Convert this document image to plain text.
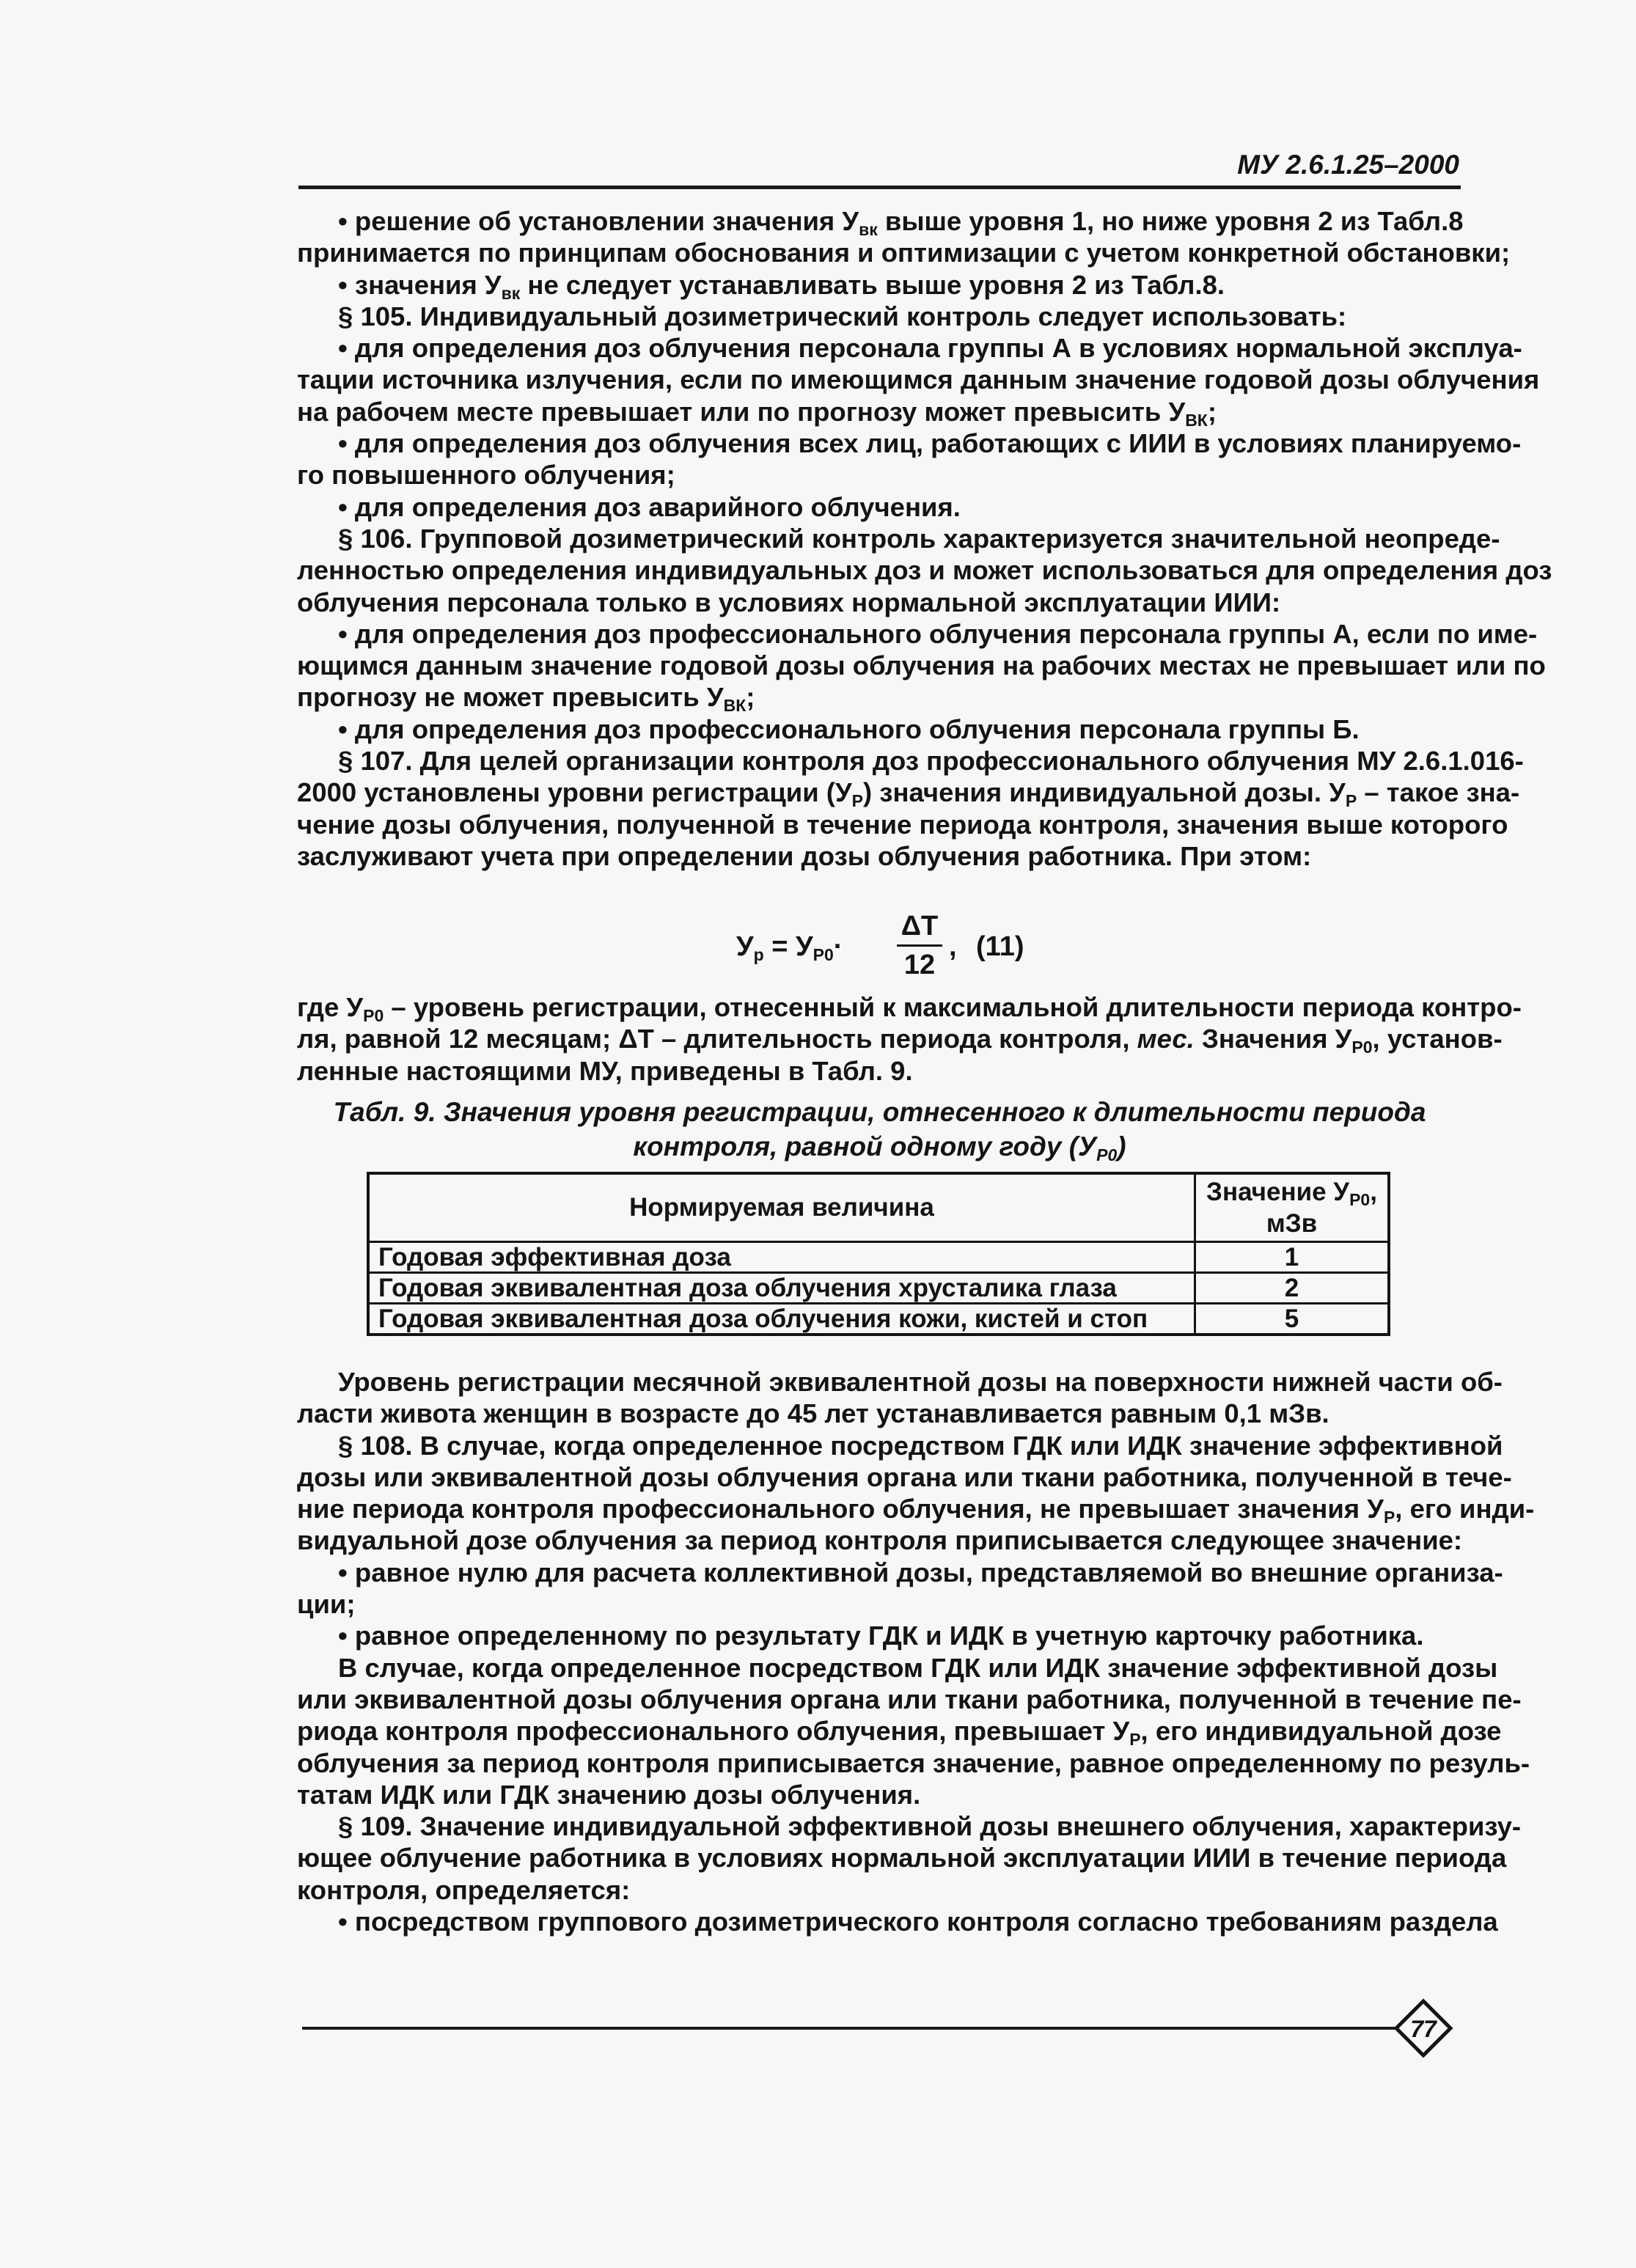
МУ 2.6.1.25–2000
• решение об установлении значения Увк выше уровня 1, но ниже уровня 2 из Табл.8
принимается по принципам обоснования и оптимизации с учетом конкретной обстановки;
• значения Увк не следует устанавливать выше уровня 2 из Табл.8.
§ 105. Индивидуальный дозиметрический контроль следует использовать:
• для определения доз облучения персонала группы А в условиях нормальной эксплуа-
тации источника излучения, если по имеющимся данным значение годовой дозы облучения
на рабочем месте превышает или по прогнозу может превысить УВК;
• для определения доз облучения всех лиц, работающих с ИИИ в условиях планируемо-
го повышенного облучения;
• для определения доз аварийного облучения.
§ 106. Групповой дозиметрический контроль характеризуется значительной неопреде-
ленностью определения индивидуальных доз и может использоваться для определения доз
облучения персонала только в условиях нормальной эксплуатации ИИИ:
• для определения доз профессионального облучения персонала группы А, если по име-
ющимся данным значение годовой дозы облучения на рабочих местах не превышает или по
прогнозу не может превысить УВК;
• для определения доз профессионального облучения персонала группы Б.
§ 107. Для целей организации контроля доз профессионального облучения МУ 2.6.1.016-
2000 установлены уровни регистрации (УР) значения индивидуальной дозы. УР – такое зна-
чение дозы облучения, полученной в течение периода контроля, значения выше которого
заслуживают учета при определении дозы облучения работника. При этом:
Ур = УР0·
ΔТ
12
, (11)
где УР0 – уровень регистрации, отнесенный к максимальной длительности периода контро-
ля, равной 12 месяцам; ΔТ – длительность периода контроля, мес. Значения УР0, установ-
ленные настоящими МУ, приведены в Табл. 9.
Табл. 9. Значения уровня регистрации, отнесенного к длительности периода
контроля, равной одному году (УР0)
Нормируемая величина	Значение $У_{Р0}$,
мЗв
Годовая эффективная доза	1
Годовая эквивалентная доза облучения хрусталика глаза	2
Годовая эквивалентная доза облучения кожи, кистей и стоп	5
Уровень регистрации месячной эквивалентной дозы на поверхности нижней части об-
ласти живота женщин в возрасте до 45 лет устанавливается равным 0,1 мЗв.
§ 108. В случае, когда определенное посредством ГДК или ИДК значение эффективной
дозы или эквивалентной дозы облучения органа или ткани работника, полученной в тече-
ние периода контроля профессионального облучения, не превышает значения УР, его инди-
видуальной дозе облучения за период контроля приписывается следующее значение:
• равное нулю для расчета коллективной дозы, представляемой во внешние организа-
ции;
• равное определенному по результату ГДК и ИДК в учетную карточку работника.
В случае, когда определенное посредством ГДК или ИДК значение эффективной дозы
или эквивалентной дозы облучения органа или ткани работника, полученной в течение пе-
риода контроля профессионального облучения, превышает УР, его индивидуальной дозе
облучения за период контроля приписывается значение, равное определенному по резуль-
татам ИДК или ГДК значению дозы облучения.
§ 109. Значение индивидуальной эффективной дозы внешнего облучения, характеризу-
ющее облучение работника в условиях нормальной эксплуатации ИИИ в течение периода
контроля, определяется:
• посредством группового дозиметрического контроля согласно требованиям раздела
77
